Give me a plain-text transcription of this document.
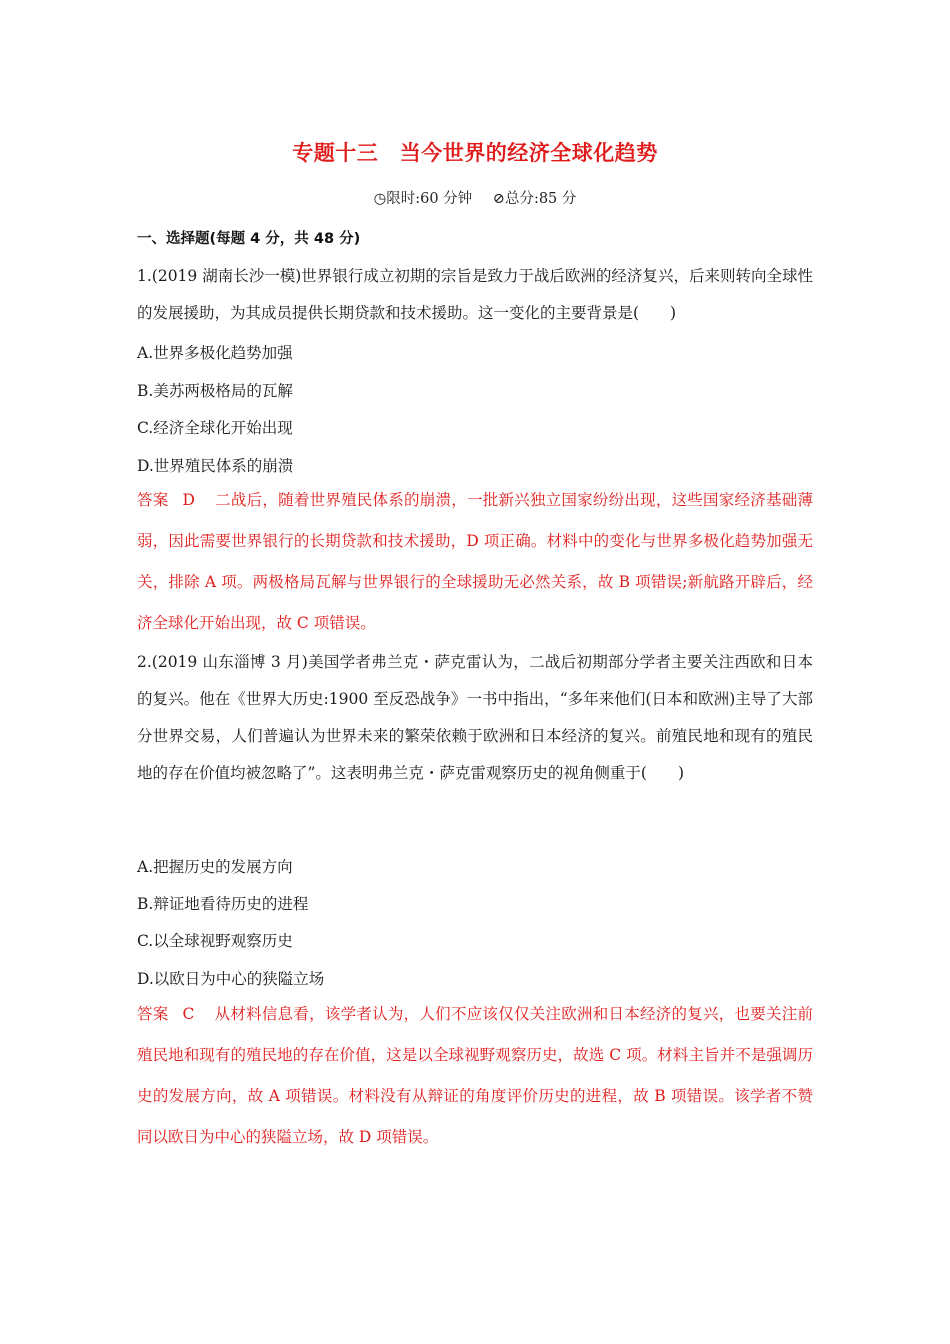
专题十三　当今世界的经济全球化趋势
◷限时:60 分钟 ⊘总分:85 分
一、选择题(每题 4 分，共 48 分)
1.(2019 湖南长沙一模)世界银行成立初期的宗旨是致力于战后欧洲的经济复兴，后来则转向全球性的发展援助，为其成员提供长期贷款和技术援助。这一变化的主要背景是(　　)
A.世界多极化趋势加强
B.美苏两极格局的瓦解
C.经济全球化开始出现
D.世界殖民体系的崩溃
答案 D 二战后，随着世界殖民体系的崩溃，一批新兴独立国家纷纷出现，这些国家经济基础薄弱，因此需要世界银行的长期贷款和技术援助，D 项正确。材料中的变化与世界多极化趋势加强无关，排除 A 项。两极格局瓦解与世界银行的全球援助无必然关系，故 B 项错误;新航路开辟后，经济全球化开始出现，故 C 项错误。
2.(2019 山东淄博 3 月)美国学者弗兰克・萨克雷认为，二战后初期部分学者主要关注西欧和日本的复兴。他在《世界大历史:1900 至反恐战争》一书中指出，“多年来他们(日本和欧洲)主导了大部分世界交易，人们普遍认为世界未来的繁荣依赖于欧洲和日本经济的复兴。前殖民地和现有的殖民地的存在价值均被忽略了”。这表明弗兰克・萨克雷观察历史的视角侧重于(　　)
A.把握历史的发展方向
B.辩证地看待历史的进程
C.以全球视野观察历史
D.以欧日为中心的狭隘立场
答案 C 从材料信息看，该学者认为，人们不应该仅仅关注欧洲和日本经济的复兴，也要关注前殖民地和现有的殖民地的存在价值，这是以全球视野观察历史，故选 C 项。材料主旨并不是强调历史的发展方向，故 A 项错误。材料没有从辩证的角度评价历史的进程，故 B 项错误。该学者不赞同以欧日为中心的狭隘立场，故 D 项错误。
